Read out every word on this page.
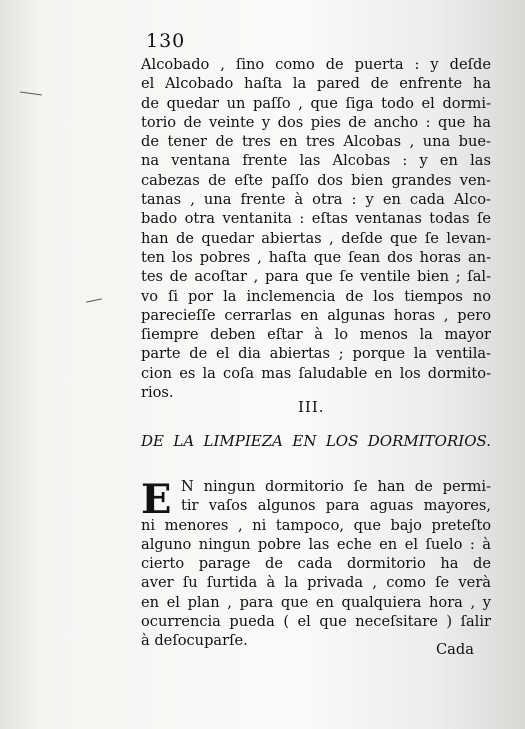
130
Alcobado , ſino como de puerta : y deſde
el Alcobado haſta la pared de enfrente ha
de quedar un paſſo , que ſiga todo el dormi-
torio de veinte y dos pies de ancho : que ha
de tener de tres en tres Alcobas , una bue-
na ventana frente las Alcobas : y en las
cabezas de eſte paſſo dos bien grandes ven-
tanas , una frente à otra : y en cada Alco-
bado otra ventanita : eſtas ventanas todas ſe
han de quedar abiertas , deſde que ſe levan-
ten los pobres , haſta que ſean dos horas an-
tes de acoſtar , para que ſe ventile bien ; ſal-
vo ſi por la inclemencia de los tiempos no
parecieſſe cerrarlas en algunas horas , pero
ſiempre deben eſtar à lo menos la mayor
parte de el dia abiertas ; porque la ventila-
cion es la coſa mas ſaludable en los dormito-
rios.
III.
DE LA LIMPIEZA EN LOS DORMITORIOS.
E N ningun dormitorio ſe han de permi-
tir vaſos algunos para aguas mayores,
ni menores , ni tampoco, que bajo preteſto
alguno ningun pobre las eche en el ſuelo : à
cierto parage de cada dormitorio ha de
aver ſu ſurtida à la privada , como ſe verà
en el plan , para que en qualquiera hora , y
ocurrencia pueda ( el que neceſsitare ) ſalir
à deſocuparſe.
Cada
